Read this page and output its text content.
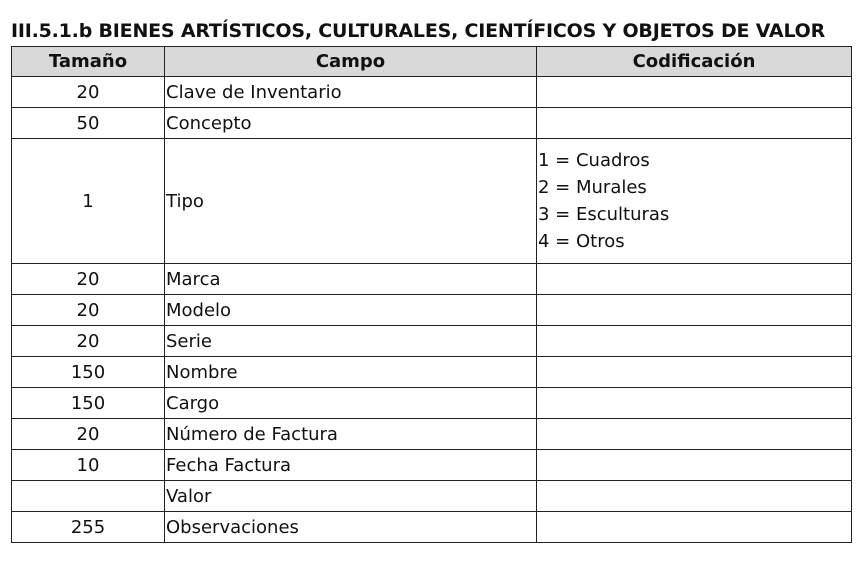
III.5.1.b BIENES ARTÍSTICOS, CULTURALES, CIENTÍFICOS Y OBJETOS DE VALOR
Tamaño	Campo	Codificación
20	Clave de Inventario	
50	Concepto	
1	Tipo	1 = Cuadros
2 = Murales
3 = Esculturas
4 = Otros

20	Marca	
20	Modelo	
20	Serie	
150	Nombre	
150	Cargo	
20	Número de Factura	
10	Fecha Factura	
	Valor	
255	Observaciones	
